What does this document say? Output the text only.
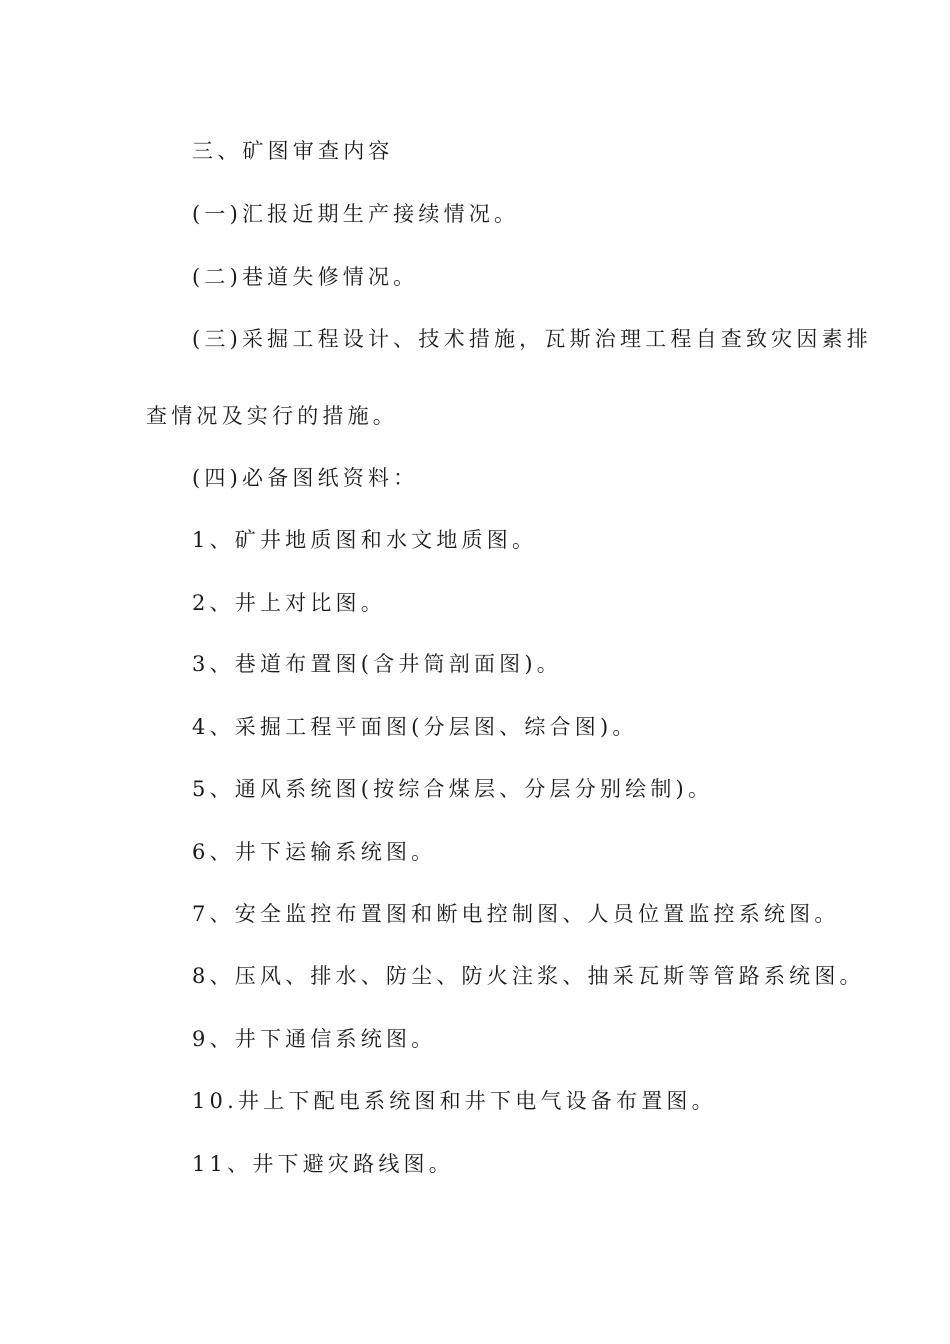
三、矿图审查内容
(一)汇报近期生产接续情况。
(二)巷道失修情况。
(三)采掘工程设计、技术措施，瓦斯治理工程自查致灾因素排
查情况及实行的措施。
(四)必备图纸资料：
1、矿井地质图和水文地质图。
2、井上对比图。
3、巷道布置图(含井筒剖面图)。
4、采掘工程平面图(分层图、综合图)。
5、通风系统图(按综合煤层、分层分别绘制)。
6、井下运输系统图。
7、安全监控布置图和断电控制图、人员位置监控系统图。
8、压风、排水、防尘、防火注浆、抽采瓦斯等管路系统图。
9、井下通信系统图。
10.井上下配电系统图和井下电气设备布置图。
11、井下避灾路线图。
